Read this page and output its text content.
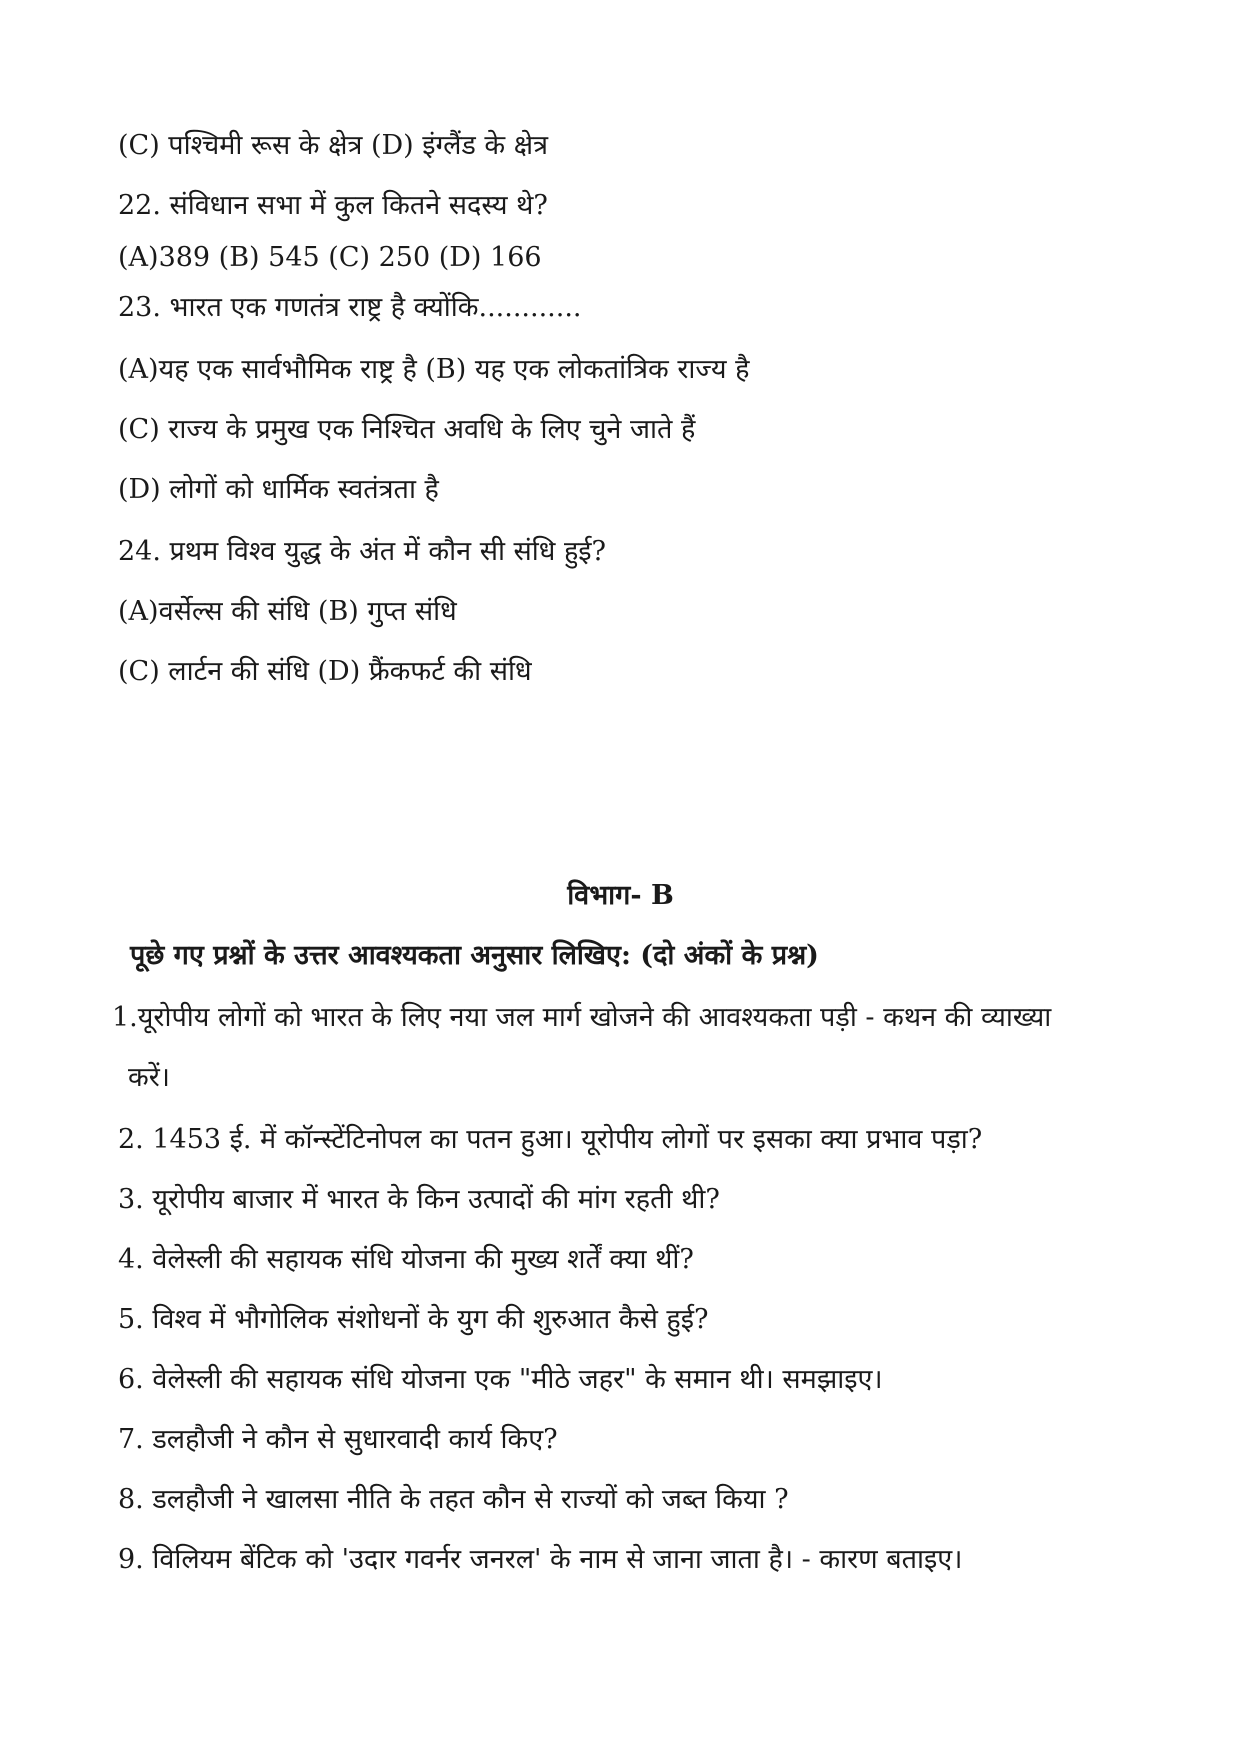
(C) पश्चिमी रूस के क्षेत्र (D) इंग्लैंड के क्षेत्र
22. संविधान सभा में कुल कितने सदस्य थे?
(A)389 (B) 545 (C) 250 (D) 166
23. भारत एक गणतंत्र राष्ट्र है क्योंकि............
(A)यह एक सार्वभौमिक राष्ट्र है (B) यह एक लोकतांत्रिक राज्य है
(C) राज्य के प्रमुख एक निश्चित अवधि के लिए चुने जाते हैं
(D) लोगों को धार्मिक स्वतंत्रता है
24. प्रथम विश्व युद्ध के अंत में कौन सी संधि हुई?
(A)वर्सेल्स की संधि (B) गुप्त संधि
(C) लार्टन की संधि (D) फ्रैंकफर्ट की संधि
विभाग- B
पूछे गए प्रश्नों के उत्तर आवश्यकता अनुसार लिखिए: (दो अंकों के प्रश्न)
1.यूरोपीय लोगों को भारत के लिए नया जल मार्ग खोजने की आवश्यकता पड़ी - कथन की व्याख्या
करें।
2. 1453 ई. में कॉन्स्टेंटिनोपल का पतन हुआ। यूरोपीय लोगों पर इसका क्या प्रभाव पड़ा?
3. यूरोपीय बाजार में भारत के किन उत्पादों की मांग रहती थी?
4. वेलेस्ली की सहायक संधि योजना की मुख्य शर्तें क्या थीं?
5. विश्व में भौगोलिक संशोधनों के युग की शुरुआत कैसे हुई?
6. वेलेस्ली की सहायक संधि योजना एक "मीठे जहर" के समान थी। समझाइए।
7. डलहौजी ने कौन से सुधारवादी कार्य किए?
8. डलहौजी ने खालसा नीति के तहत कौन से राज्यों को जब्त किया ?
9. विलियम बेंटिक को 'उदार गवर्नर जनरल' के नाम से जाना जाता है। - कारण बताइए।
